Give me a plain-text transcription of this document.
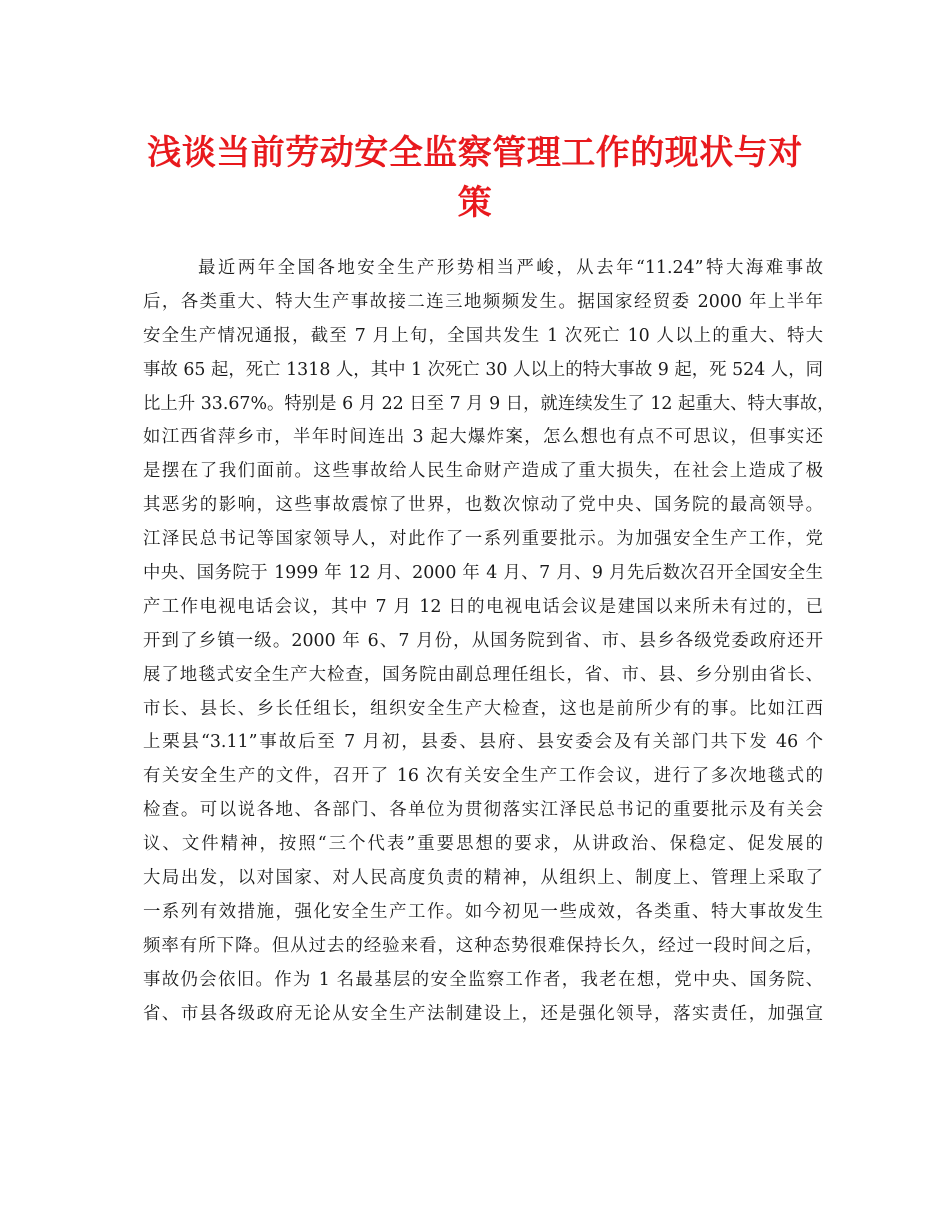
浅谈当前劳动安全监察管理工作的现状与对
策
最近两年全国各地安全生产形势相当严峻，从去年“11.24”特大海难事故
后，各类重大、特大生产事故接二连三地频频发生。据国家经贸委 2000 年上半年
安全生产情况通报，截至 7 月上旬，全国共发生 1 次死亡 10 人以上的重大、特大
事故 65 起，死亡 1318 人，其中 1 次死亡 30 人以上的特大事故 9 起，死 524 人，同
比上升 33.67%。特别是 6 月 22 日至 7 月 9 日，就连续发生了 12 起重大、特大事故，
如江西省萍乡市，半年时间连出 3 起大爆炸案，怎么想也有点不可思议，但事实还
是摆在了我们面前。这些事故给人民生命财产造成了重大损失，在社会上造成了极
其恶劣的影响，这些事故震惊了世界，也数次惊动了党中央、国务院的最高领导。
江泽民总书记等国家领导人，对此作了一系列重要批示。为加强安全生产工作，党
中央、国务院于 1999 年 12 月、2000 年 4 月、7 月、9 月先后数次召开全国安全生
产工作电视电话会议，其中 7 月 12 日的电视电话会议是建国以来所未有过的，已
开到了乡镇一级。2000 年 6、7 月份，从国务院到省、市、县乡各级党委政府还开
展了地毯式安全生产大检查，国务院由副总理任组长，省、市、县、乡分别由省长、
市长、县长、乡长任组长，组织安全生产大检查，这也是前所少有的事。比如江西
上栗县“3.11”事故后至 7 月初，县委、县府、县安委会及有关部门共下发 46 个
有关安全生产的文件，召开了 16 次有关安全生产工作会议，进行了多次地毯式的
检查。可以说各地、各部门、各单位为贯彻落实江泽民总书记的重要批示及有关会
议、文件精神，按照“三个代表”重要思想的要求，从讲政治、保稳定、促发展的
大局出发，以对国家、对人民高度负责的精神，从组织上、制度上、管理上采取了
一系列有效措施，强化安全生产工作。如今初见一些成效，各类重、特大事故发生
频率有所下降。但从过去的经验来看，这种态势很难保持长久，经过一段时间之后，
事故仍会依旧。作为 1 名最基层的安全监察工作者，我老在想，党中央、国务院、
省、市县各级政府无论从安全生产法制建设上，还是强化领导，落实责任，加强宣
